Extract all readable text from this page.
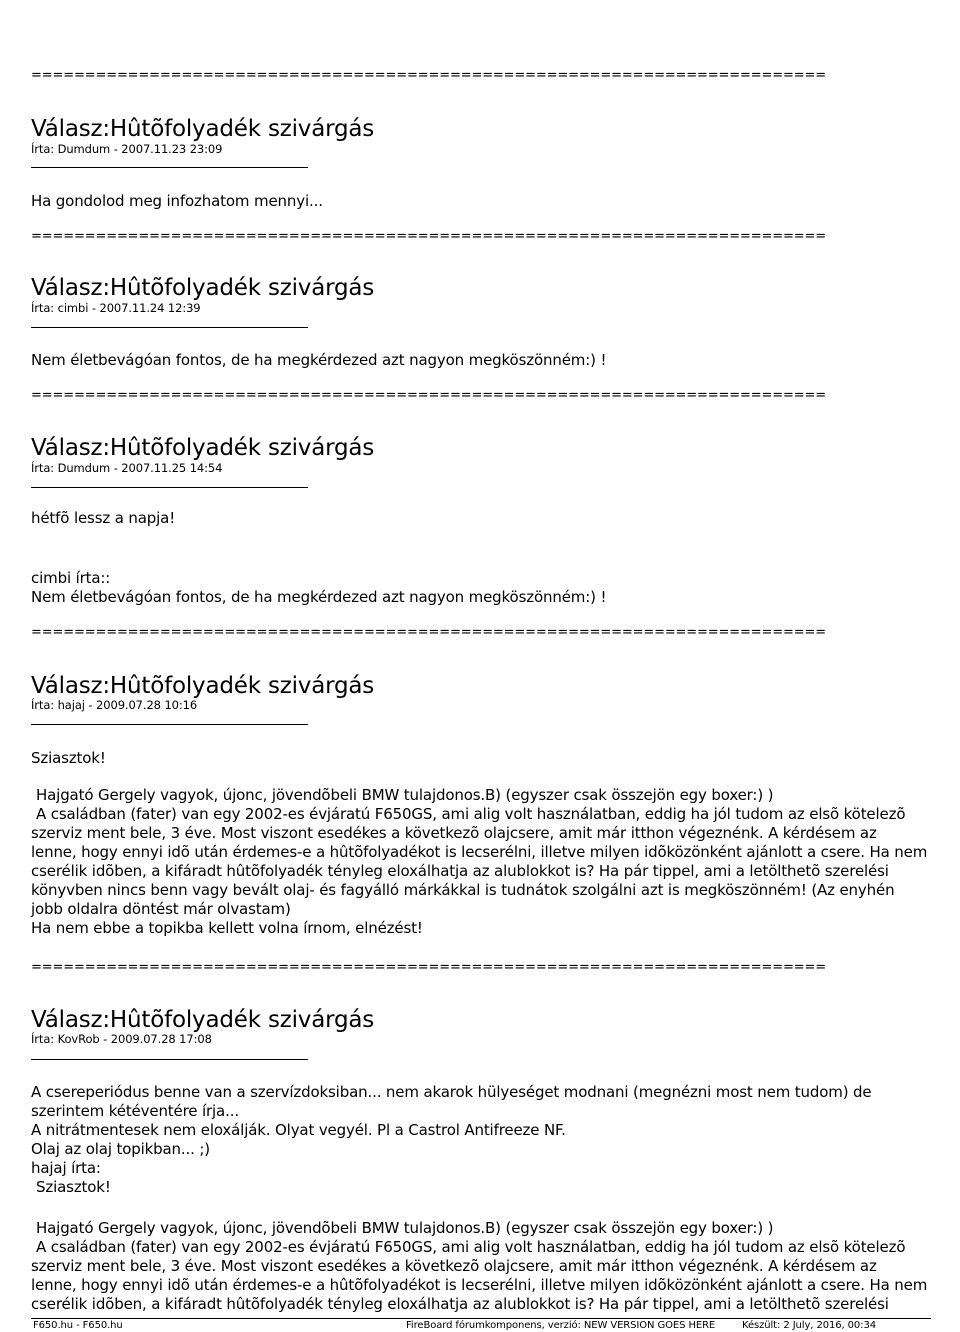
==========================================================================
Válasz:Hûtõfolyadék szivárgás
Írta: Dumdum - 2007.11.23 23:09

Ha gondolod meg infozhatom mennyi...

==========================================================================
Válasz:Hûtõfolyadék szivárgás
Írta: cimbi - 2007.11.24 12:39

Nem életbevágóan fontos, de ha megkérdezed azt nagyon megköszönném:) !

==========================================================================
Válasz:Hûtõfolyadék szivárgás
Írta: Dumdum - 2007.11.25 14:54

hétfõ lessz a napja!

cimbi írta::

Nem életbevágóan fontos, de ha megkérdezed azt nagyon megköszönném:) !

==========================================================================
Válasz:Hûtõfolyadék szivárgás
Írta: hajaj - 2009.07.28 10:16

Sziasztok!

Hajgató Gergely vagyok, újonc, jövendõbeli BMW tulajdonos.B) (egyszer csak összejön egy boxer:) )

A családban (fater) van egy 2002-es évjáratú F650GS, ami alig volt használatban, eddig ha jól tudom az elsõ kötelezõ

szerviz ment bele, 3 éve. Most viszont esedékes a következõ olajcsere, amit már itthon végeznénk. A kérdésem az

lenne, hogy ennyi idõ után érdemes-e a hûtõfolyadékot is lecserélni, illetve milyen idõközönként ajánlott a csere. Ha nem

cserélik idõben, a kifáradt hûtõfolyadék tényleg eloxálhatja az alublokkot is? Ha pár tippel, ami a letölthetõ szerelési

könyvben nincs benn vagy bevált olaj- és fagyálló márkákkal is tudnátok szolgálni azt is megköszönném! (Az enyhén

jobb oldalra döntést már olvastam)

Ha nem ebbe a topikba kellett volna írnom, elnézést!

==========================================================================
Válasz:Hûtõfolyadék szivárgás
Írta: KovRob - 2009.07.28 17:08

A csereperiódus benne van a szervízdoksiban... nem akarok hülyeséget modnani (megnézni most nem tudom) de

szerintem kétéventére írja...

A nitrátmentesek nem eloxálják. Olyat vegyél. Pl a Castrol Antifreeze NF.

Olaj az olaj topikban... ;)

hajaj írta:

Sziasztok!

Hajgató Gergely vagyok, újonc, jövendõbeli BMW tulajdonos.B) (egyszer csak összejön egy boxer:) )

A családban (fater) van egy 2002-es évjáratú F650GS, ami alig volt használatban, eddig ha jól tudom az elsõ kötelezõ

szerviz ment bele, 3 éve. Most viszont esedékes a következõ olajcsere, amit már itthon végeznénk. A kérdésem az

lenne, hogy ennyi idõ után érdemes-e a hûtõfolyadékot is lecserélni, illetve milyen idõközönként ajánlott a csere. Ha nem

cserélik idõben, a kifáradt hûtõfolyadék tényleg eloxálhatja az alublokkot is? Ha pár tippel, ami a letölthetõ szerelési

F650.hu - F650.hu	FireBoard fórumkomponens, verzió: NEW VERSION GOES HERE	Készült: 2 July, 2016, 00:34
